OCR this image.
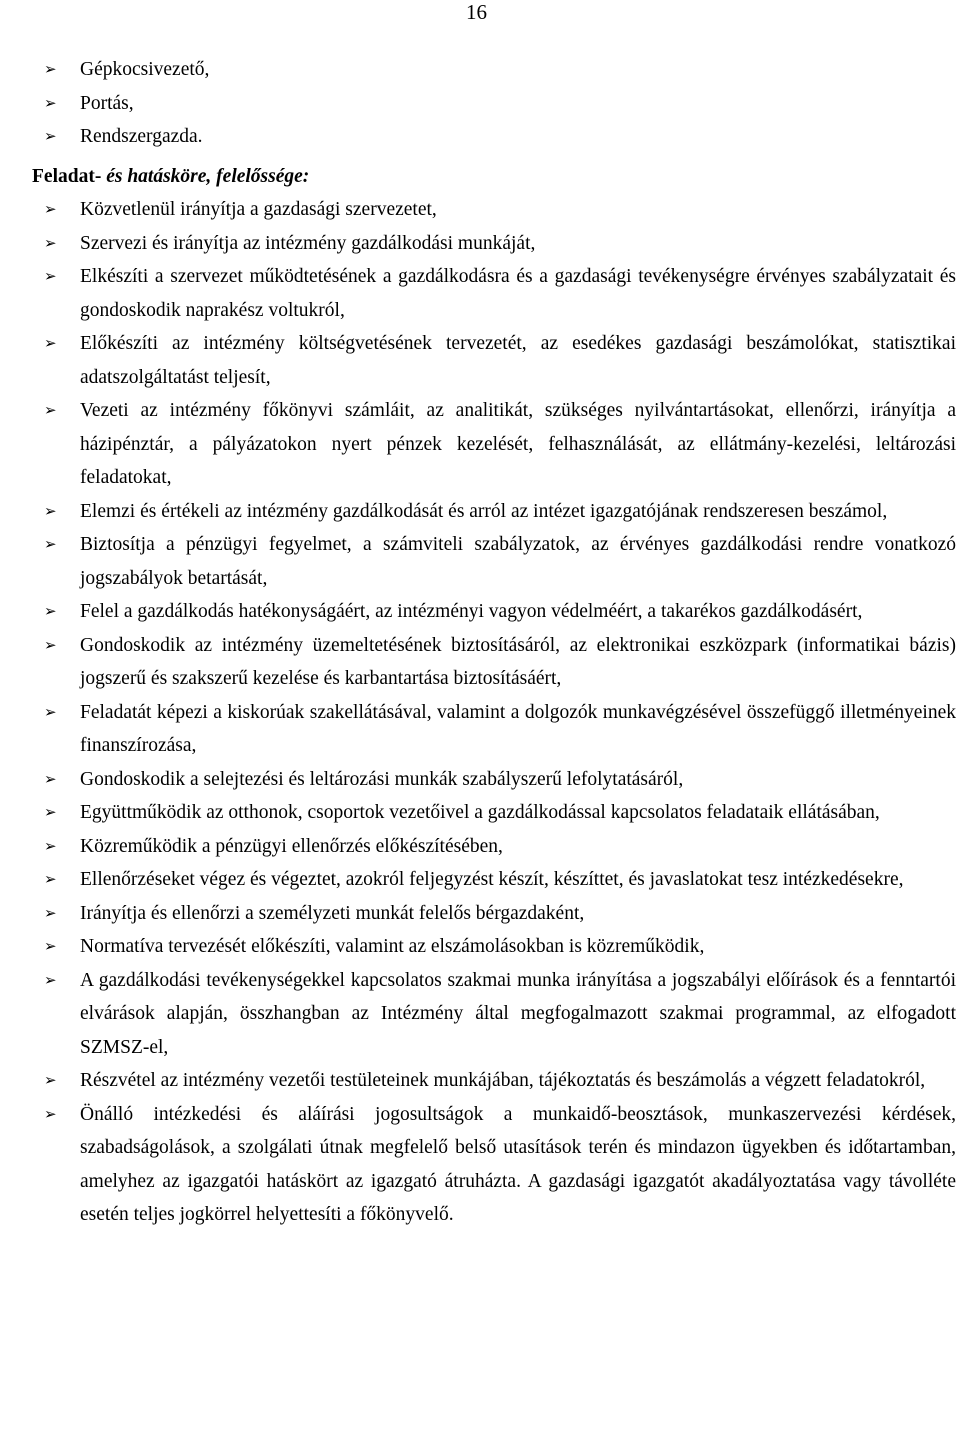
16
➢ Gépkocsivezető,
➢ Portás,
➢ Rendszergazda.
Feladat- és hatásköre, felelőssége:
➢ Közvetlenül irányítja a gazdasági szervezetet,
➢ Szervezi és irányítja az intézmény gazdálkodási munkáját,
➢ Elkészíti a szervezet működtetésének a gazdálkodásra és a gazdasági tevékenységre érvényes szabályzatait és gondoskodik naprakész voltukról,
➢ Előkészíti az intézmény költségvetésének tervezetét, az esedékes gazdasági beszámolókat, statisztikai adatszolgáltatást teljesít,
➢ Vezeti az intézmény főkönyvi számláit, az analitikát, szükséges nyilvántartásokat, ellenőrzi, irányítja a házipénztár, a pályázatokon nyert pénzek kezelését, felhasználását, az ellátmány-kezelési, leltározási feladatokat,
➢ Elemzi és értékeli az intézmény gazdálkodását és arról az intézet igazgatójának rendszeresen beszámol,
➢ Biztosítja a pénzügyi fegyelmet, a számviteli szabályzatok, az érvényes gazdálkodási rendre vonatkozó jogszabályok betartását,
➢ Felel a gazdálkodás hatékonyságáért, az intézményi vagyon védelméért, a takarékos gazdálkodásért,
➢ Gondoskodik az intézmény üzemeltetésének biztosításáról, az elektronikai eszközpark (informatikai bázis) jogszerű és szakszerű kezelése és karbantartása biztosításáért,
➢ Feladatát képezi a kiskorúak szakellátásával, valamint a dolgozók munkavégzésével összefüggő illetményeinek finanszírozása,
➢ Gondoskodik a selejtezési és leltározási munkák szabályszerű lefolytatásáról,
➢ Együttműködik az otthonok, csoportok vezetőivel a gazdálkodással kapcsolatos feladataik ellátásában,
➢ Közreműködik a pénzügyi ellenőrzés előkészítésében,
➢ Ellenőrzéseket végez és végeztet, azokról feljegyzést készít, készíttet, és javaslatokat tesz intézkedésekre,
➢ Irányítja és ellenőrzi a személyzeti munkát felelős bérgazdaként,
➢ Normatíva tervezését előkészíti, valamint az elszámolásokban is közreműködik,
➢ A gazdálkodási tevékenységekkel kapcsolatos szakmai munka irányítása a jogszabályi előírások és a fenntartói elvárások alapján, összhangban az Intézmény által megfogalmazott szakmai programmal, az elfogadott SZMSZ-el,
➢ Részvétel az intézmény vezetői testületeinek munkájában, tájékoztatás és beszámolás a végzett feladatokról,
➢ Önálló intézkedési és aláírási jogosultságok a munkaidő-beosztások, munkaszervezési kérdések, szabadságolások, a szolgálati útnak megfelelő belső utasítások terén és mindazon ügyekben és időtartamban, amelyhez az igazgatói hatáskört az igazgató átruházta. A gazdasági igazgatót akadályoztatása vagy távolléte esetén teljes jogkörrel helyettesíti a főkönyvelő.
